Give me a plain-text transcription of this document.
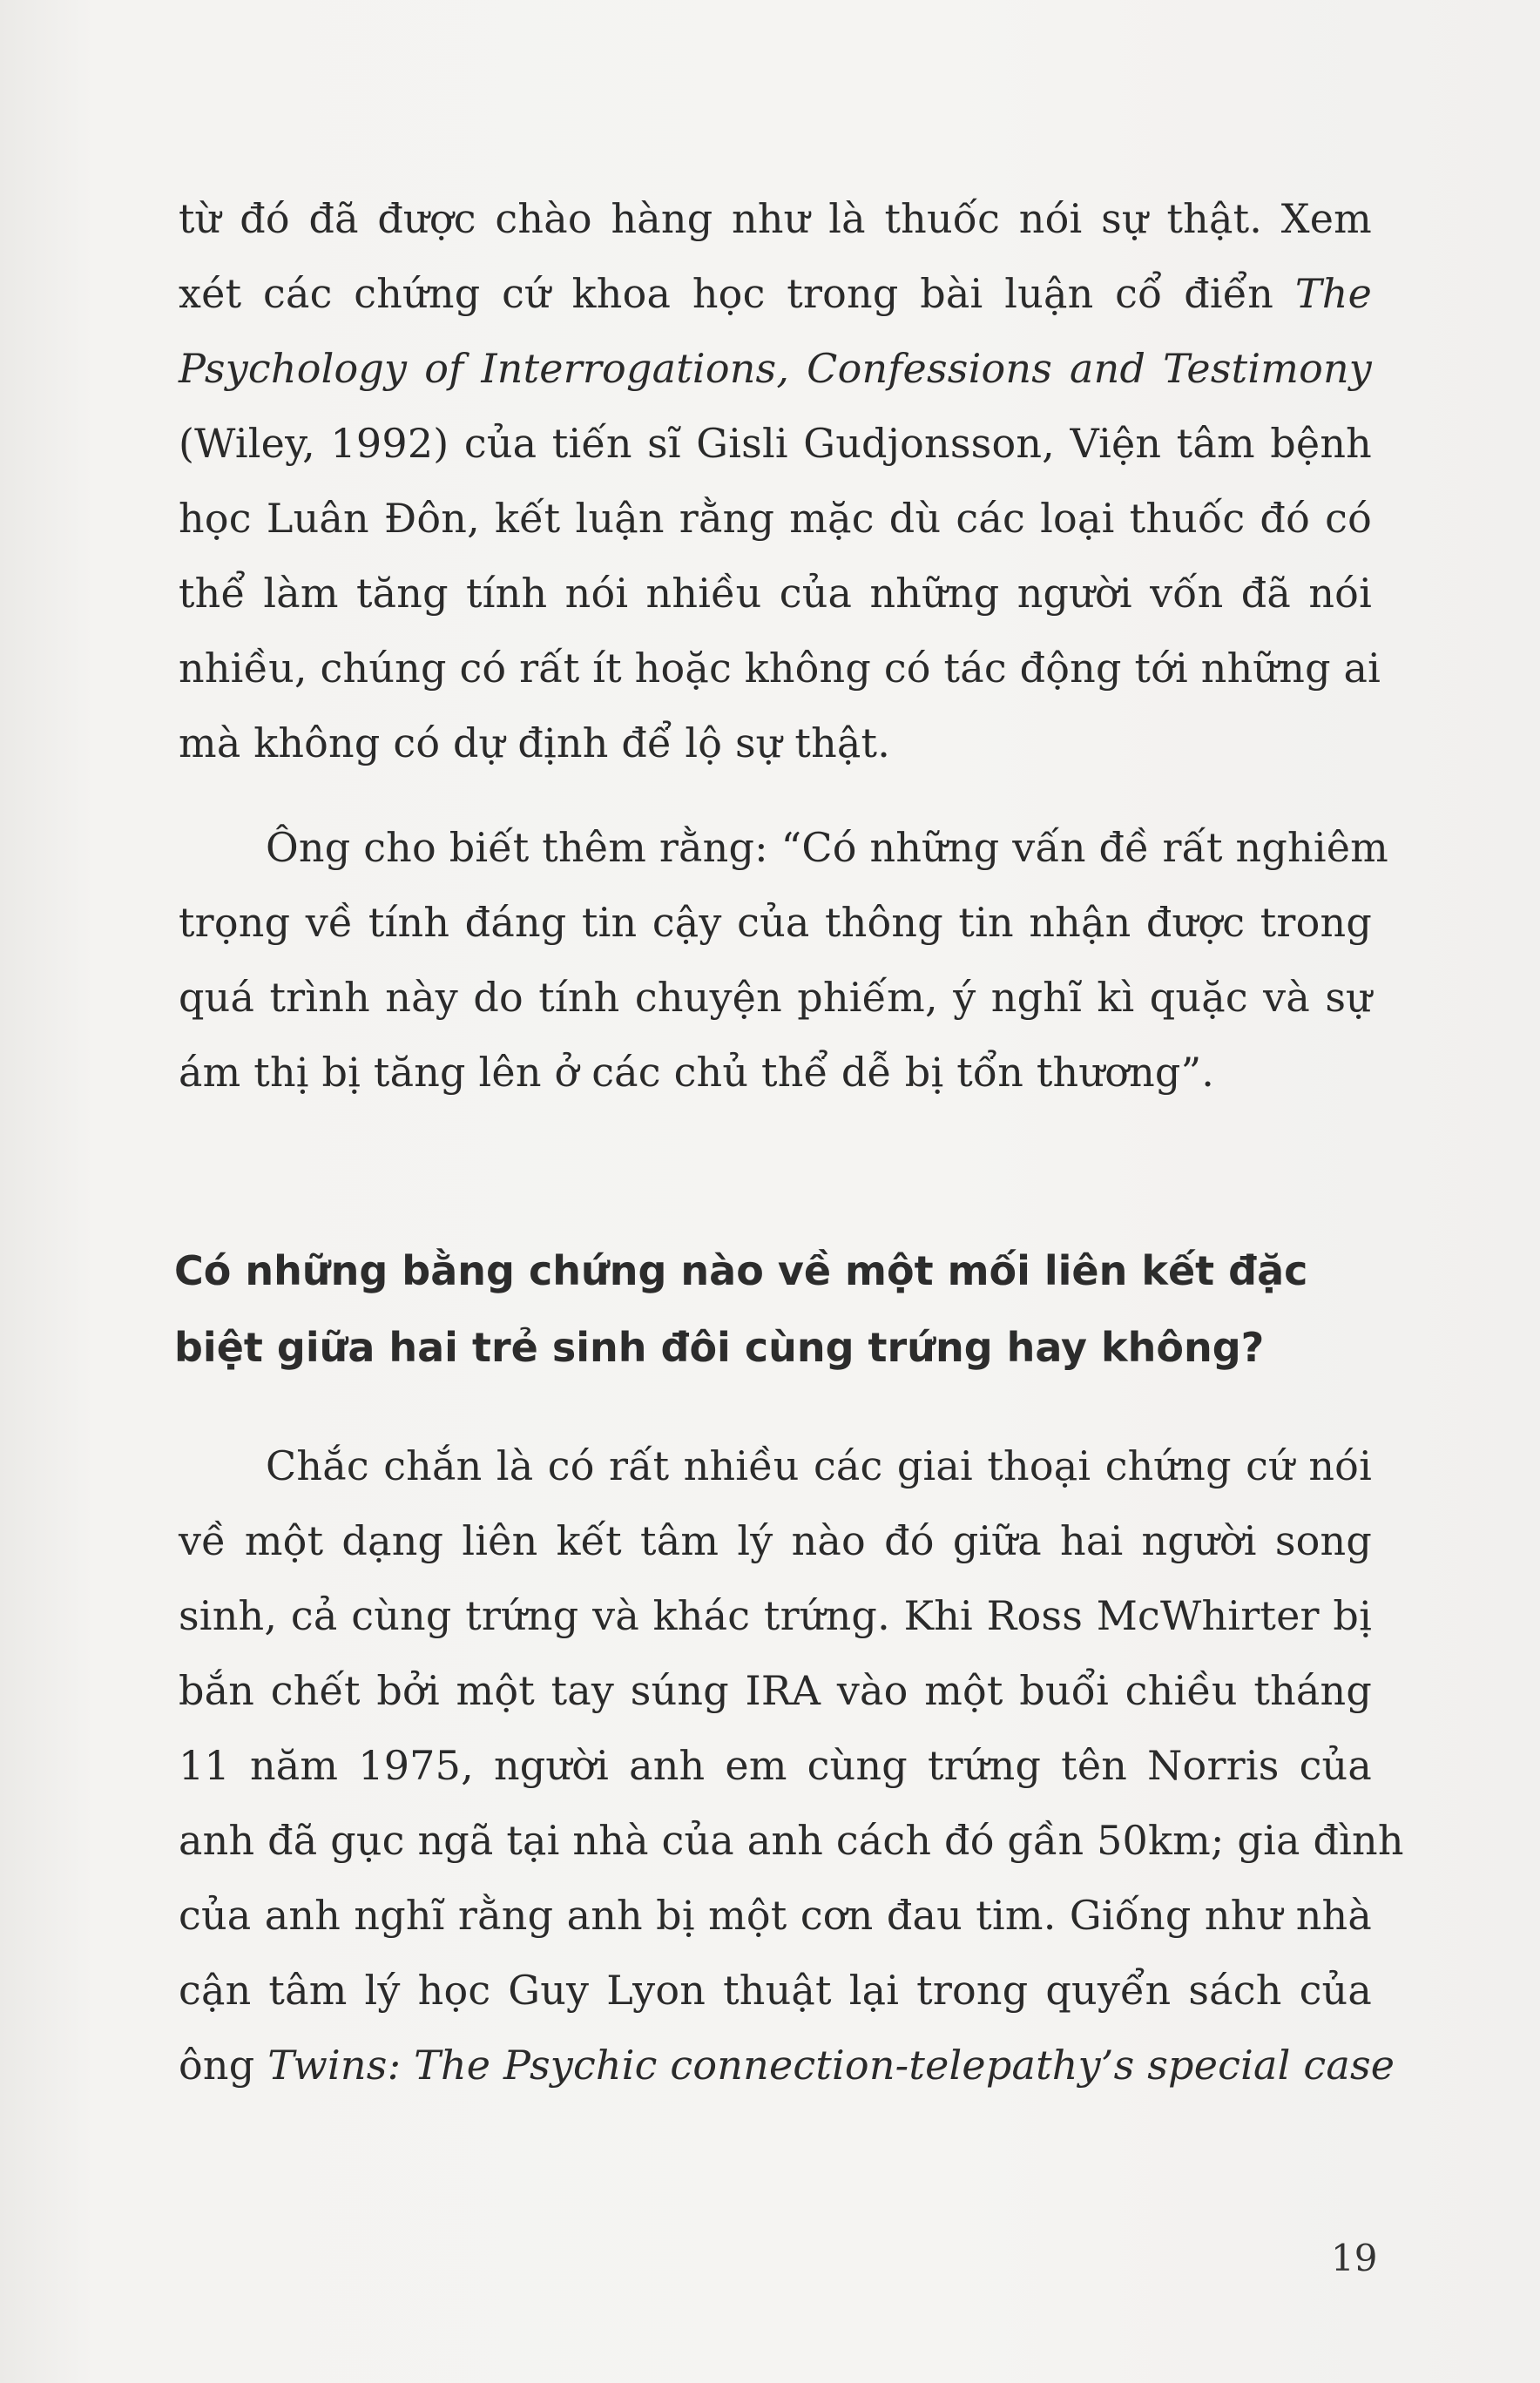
từ đó đã được chào hàng như là thuốc nói sự thật. Xem
xét các chứng cứ khoa học trong bài luận cổ điển The
Psychology of Interrogations, Confessions and Testimony
(Wiley, 1992) của tiến sĩ Gisli Gudjonsson, Viện tâm bệnh
học Luân Đôn, kết luận rằng mặc dù các loại thuốc đó có
thể làm tăng tính nói nhiều của những người vốn đã nói
nhiều, chúng có rất ít hoặc không có tác động tới những ai
mà không có dự định để lộ sự thật.
Ông cho biết thêm rằng: “Có những vấn đề rất nghiêm
trọng về tính đáng tin cậy của thông tin nhận được trong
quá trình này do tính chuyện phiếm, ý nghĩ kì quặc và sự
ám thị bị tăng lên ở các chủ thể dễ bị tổn thương”.
Có những bằng chứng nào về một mối liên kết đặc
biệt giữa hai trẻ sinh đôi cùng trứng hay không?
Chắc chắn là có rất nhiều các giai thoại chứng cứ nói
về một dạng liên kết tâm lý nào đó giữa hai người song
sinh, cả cùng trứng và khác trứng. Khi Ross McWhirter bị
bắn chết bởi một tay súng IRA vào một buổi chiều tháng
11 năm 1975, người anh em cùng trứng tên Norris của
anh đã gục ngã tại nhà của anh cách đó gần 50km; gia đình
của anh nghĩ rằng anh bị một cơn đau tim. Giống như nhà
cận tâm lý học Guy Lyon thuật lại trong quyển sách của
ông Twins: The Psychic connection-telepathy’s special case
19
